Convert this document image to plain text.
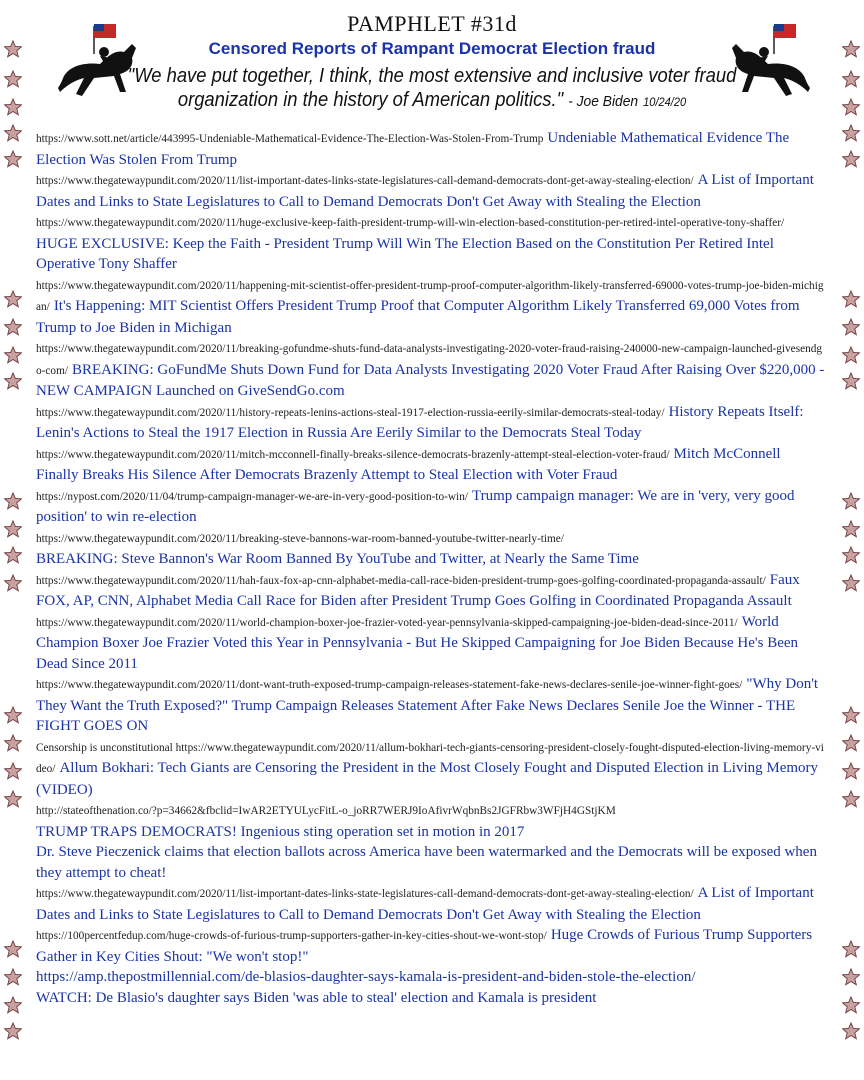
PAMPHLET #31d
Censored Reports of Rampant Democrat Election fraud
"We have put together, I think, the most extensive and inclusive voter fraud
organization in the history of American politics." - Joe Biden 10/24/20

https://www.sott.net/article/443995-Undeniable-Mathematical-Evidence-The-Election-Was-Stolen-From-Trump Undeniable Mathematical Evidence The Election Was Stolen From Trump

https://www.thegatewaypundit.com/2020/11/list-important-dates-links-state-legislatures-call-demand-democrats-dont-get-away-stealing-election/ A List of Important Dates and Links to State Legislatures to Call to Demand Democrats Don't Get Away with Stealing the Election

https://www.thegatewaypundit.com/2020/11/huge-exclusive-keep-faith-president-trump-will-win-election-based-constitution-per-retired-intel-operative-tony-shaffer/ HUGE EXCLUSIVE: Keep the Faith - President Trump Will Win The Election Based on the Constitution Per Retired Intel Operative Tony Shaffer

https://www.thegatewaypundit.com/2020/11/happening-mit-scientist-offer-president-trump-proof-computer-algorithm-likely-transferred-69000-votes-trump-joe-biden-michigan/ It's Happening: MIT Scientist Offers President Trump Proof that Computer Algorithm Likely Transferred 69,000 Votes from Trump to Joe Biden in Michigan

https://www.thegatewaypundit.com/2020/11/breaking-gofundme-shuts-fund-data-analysts-investigating-2020-voter-fraud-raising-240000-new-campaign-launched-givesendgo-com/ BREAKING: GoFundMe Shuts Down Fund for Data Analysts Investigating 2020 Voter Fraud After Raising Over $220,000 - NEW CAMPAIGN Launched on GiveSendGo.com

https://www.thegatewaypundit.com/2020/11/history-repeats-lenins-actions-steal-1917-election-russia-eerily-similar-democrats-steal-today/ History Repeats Itself: Lenin's Actions to Steal the 1917 Election in Russia Are Eerily Similar to the Democrats Steal Today

https://www.thegatewaypundit.com/2020/11/mitch-mcconnell-finally-breaks-silence-democrats-brazenly-attempt-steal-election-voter-fraud/ Mitch McConnell Finally Breaks His Silence After Democrats Brazenly Attempt to Steal Election with Voter Fraud

https://nypost.com/2020/11/04/trump-campaign-manager-we-are-in-very-good-position-to-win/ Trump campaign manager: We are in 'very, very good position' to win re-election

https://www.thegatewaypundit.com/2020/11/breaking-steve-bannons-war-room-banned-youtube-twitter-nearly-time/
BREAKING: Steve Bannon's War Room Banned By YouTube and Twitter, at Nearly the Same Time

https://www.thegatewaypundit.com/2020/11/hah-faux-fox-ap-cnn-alphabet-media-call-race-biden-president-trump-goes-golfing-coordinated-propaganda-assault/ Faux FOX, AP, CNN, Alphabet Media Call Race for Biden after President Trump Goes Golfing in Coordinated Propaganda Assault

https://www.thegatewaypundit.com/2020/11/world-champion-boxer-joe-frazier-voted-year-pennsylvania-skipped-campaigning-joe-biden-dead-since-2011/ World Champion Boxer Joe Frazier Voted this Year in Pennsylvania - But He Skipped Campaigning for Joe Biden Because He's Been Dead Since 2011

https://www.thegatewaypundit.com/2020/11/dont-want-truth-exposed-trump-campaign-releases-statement-fake-news-declares-senile-joe-winner-fight-goes/ "Why Don't They Want the Truth Exposed?" Trump Campaign Releases Statement After Fake News Declares Senile Joe the Winner - THE FIGHT GOES ON

Censorship is unconstitutional https://www.thegatewaypundit.com/2020/11/allum-bokhari-tech-giants-censoring-president-closely-fought-disputed-election-living-memory-video/ Allum Bokhari: Tech Giants are Censoring the President in the Most Closely Fought and Disputed Election in Living Memory (VIDEO)

http://stateofthenation.co/?p=34662&fbclid=IwAR2ETYULycFitL-o_joRR7WERJ9IoAfivrWqbnBs2JGFRbw3WFjH4GStjKM
TRUMP TRAPS DEMOCRATS! Ingenious sting operation set in motion in 2017
Dr. Steve Pieczenick claims that election ballots across America have been watermarked and the Democrats will be exposed when they attempt to cheat!

https://www.thegatewaypundit.com/2020/11/list-important-dates-links-state-legislatures-call-demand-democrats-dont-get-away-stealing-election/ A List of Important Dates and Links to State Legislatures to Call to Demand Democrats Don't Get Away with Stealing the Election

https://100percentfedup.com/huge-crowds-of-furious-trump-supporters-gather-in-key-cities-shout-we-wont-stop/ Huge Crowds of Furious Trump Supporters Gather in Key Cities Shout: "We won't stop!"

https://amp.thepostmillennial.com/de-blasios-daughter-says-kamala-is-president-and-biden-stole-the-election/
WATCH: De Blasio's daughter says Biden 'was able to steal' election and Kamala is president
